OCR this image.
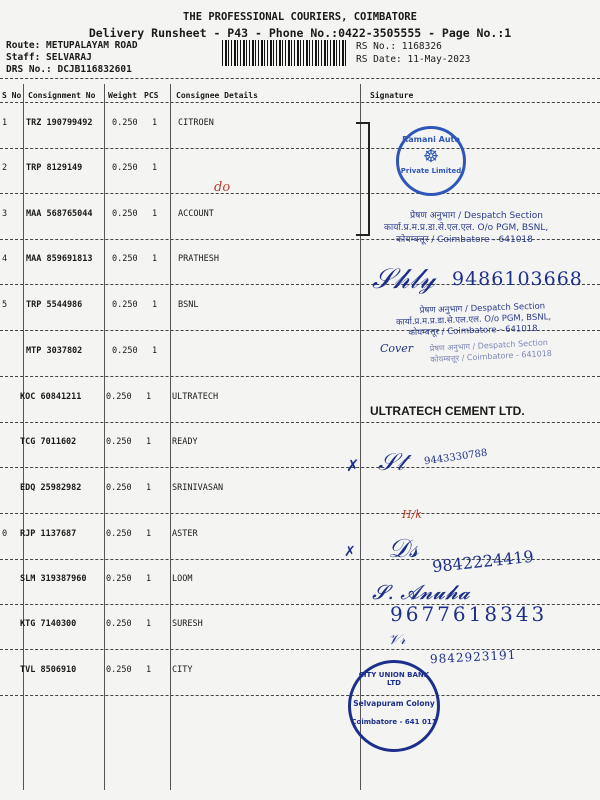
THE PROFESSIONAL COURIERS, COIMBATORE
Delivery Runsheet - P43 - Phone No.:0422-3505555 - Page No.:1
Route: METUPALAYAM ROAD
Staff: SELVARAJ
DRS No.: DCJB116832601
RS No.: 1168326
RS Date: 11-May-2023
S No Consignment No Weight PCS Consignee Details	Signature
1 TRZ 190799492 0.250 1 CITROEN
2 TRP 8129149	0.250 1
3 MAA 568765044 0.250 1 ACCOUNT
4 MAA 859691813 0.250 1 PRATHESH
5 TRP 5544986	0.250 1 BSNL
MTP 3037802	0.250 1
KOC 60841211	0.250 1 ULTRATECH
TCG 7011602	0.250 1 READY
EDQ 25982982	0.250 1 SRINIVASAN
0 RJP 1137687	0.250 1 ASTER
SLM 319387960 0.250 1 LOOM
KTG 7140300	0.250 1 SURESH
TVL 8506910	0.250 1 CITY
Ramani Auto
☸
Private Limited
do
प्रेषण अनुभाग / Despatch Section
कार्या.प्र.म.प्र.डा.से.एल.एल. O/o PGM, BSNL,
कोयम्बत्तूर / Coimbatore - 641018
𝒮𝒽𝓁𝓎 9486103668
प्रेषण अनुभाग / Despatch Section
कार्या.प्र.म.प्र.डा.से.एल.एल. O/o PGM, BSNL,
कोयम्बत्तूर / Coimbatore - 641018
प्रेषण अनुभाग / Despatch Section
कोयम्बत्तूर / Coimbatore - 641018
Cover
ULTRATECH CEMENT LTD.
✗ 𝒮𝓉 9443330788
H/k
✗ 𝒟𝓈 9842224419
𝓢. 𝓐𝓷𝓾𝓱𝓪
9677618343
𝒱𝓇
9842923191
CITY UNION BANK LTD
Selvapuram Colony
Coimbatore - 641 011
